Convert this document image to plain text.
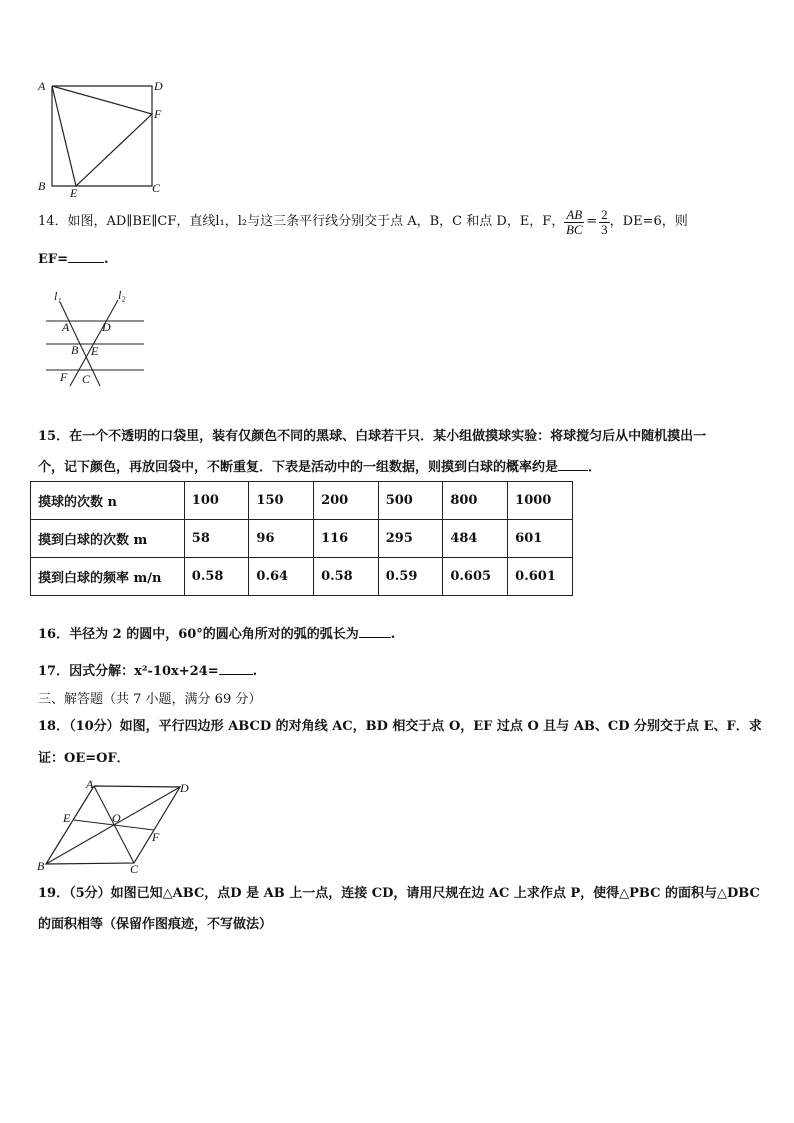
A	D
F
B E	C
14．如图，AD∥BE∥CF，直线l₁，l₂与这三条平行线分别交于点 A，B，C 和点 D，E，F， $\frac{AB}{BC} = \frac{2}{3}$ ，DE=6，则
EF=	.
l₁	l₂
A	D
B E
F C
15．在一个不透明的口袋里，装有仅颜色不同的黑球、白球若干只．某小组做摸球实验：将球搅匀后从中随机摸出一
个，记下颜色，再放回袋中，不断重复．下表是活动中的一组数据，则摸到白球的概率约是 ．
摸球的次数 n	100	150	200	500	800	1000
摸到白球的次数 m	58	96	116	295	484	601
摸到白球的频率 m/n	0.58	0.64	0.58	0.59	0.605	0.601
16．半径为 2 的圆中，60°的圆心角所对的弧的弧长为 .
17．因式分解：x²-10x+24=	.
三、解答题（共 7 小题，满分 69 分）
18．（10分）如图，平行四边形 ABCD 的对角线 AC，BD 相交于点 O，EF 过点 O 且与 AB、CD 分别交于点 E、F．求
证：OE=OF．
A	D
E	O
F
B	C
19．（5分）如图已知△ABC，点D 是 AB 上一点，连接 CD，请用尺规在边 AC 上求作点 P，使得△PBC 的面积与△DBC
的面积相等（保留作图痕迹，不写做法）
